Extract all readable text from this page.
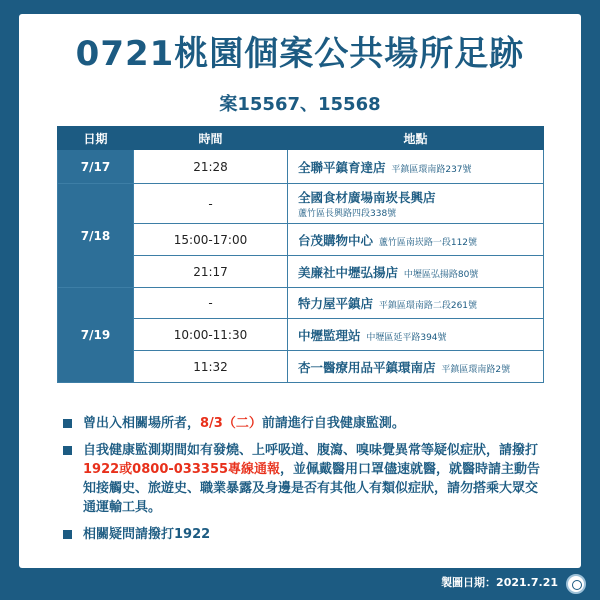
0721桃園個案公共場所足跡
案15567、15568
日期	時間	地點
7/17	21:28	全聯平鎮育達店 平鎮區環南路237號
7/18	-	全國食材廣場南崁長興店
蘆竹區長興路四段338號

	15:00-17:00	台茂購物中心 蘆竹區南崁路一段112號
	21:17	美廉社中壢弘揚店 中壢區弘揚路80號
7/19	-	特力屋平鎮店 平鎮區環南路二段261號
	10:00-11:30	中壢監理站 中壢區延平路394號
	11:32	杏一醫療用品平鎮環南店 平鎮區環南路2號
曾出入相關場所者，8/3（二）前請進行自我健康監測。
自我健康監測期間如有發燒、上呼吸道、腹瀉、嗅味覺異常等疑似症狀，請撥打1922或0800-033355專線通報，並佩戴醫用口罩儘速就醫，就醫時請主動告知接觸史、旅遊史、職業暴露及身邊是否有其他人有類似症狀，請勿搭乘大眾交通運輸工具。
相關疑問請撥打1922
製圖日期：2021.7.21
